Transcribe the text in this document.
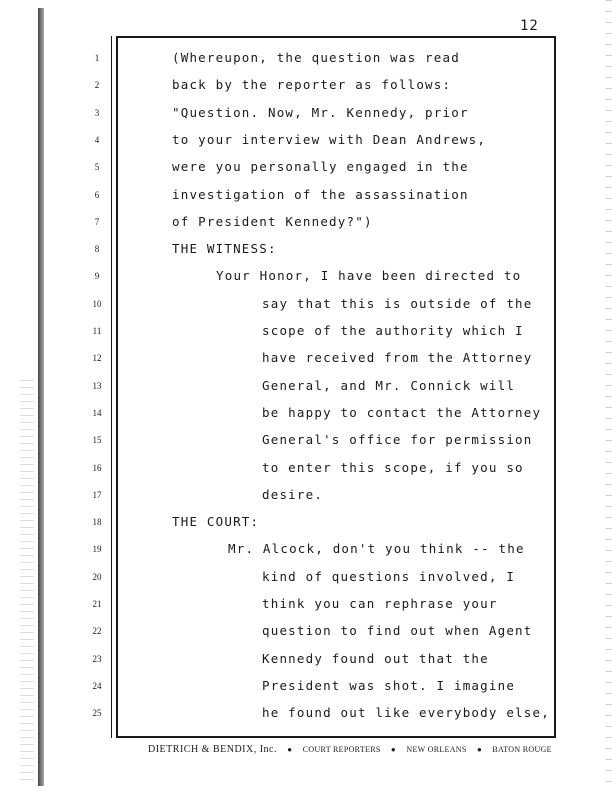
12
1
2
3
4
5
6
7
8
9
10
11
12
13
14
15
16
17
18
19
20
21
22
23
24
25
(Whereupon, the question was read
back by the reporter as follows:
"Question. Now, Mr. Kennedy, prior
to your interview with Dean Andrews,
were you personally engaged in the
investigation of the assassination
of President Kennedy?")
THE WITNESS:
Your Honor, I have been directed to
say that this is outside of the
scope of the authority which I
have received from the Attorney
General, and Mr. Connick will
be happy to contact the Attorney
General's office for permission
to enter this scope, if you so
desire.
THE COURT:
Mr. Alcock, don't you think -- the
kind of questions involved, I
think you can rephrase your
question to find out when Agent
Kennedy found out that the
President was shot. I imagine
he found out like everybody else,
DIETRICH & BENDIX, Inc. ● COURT REPORTERS ● NEW ORLEANS ● BATON ROUGE
